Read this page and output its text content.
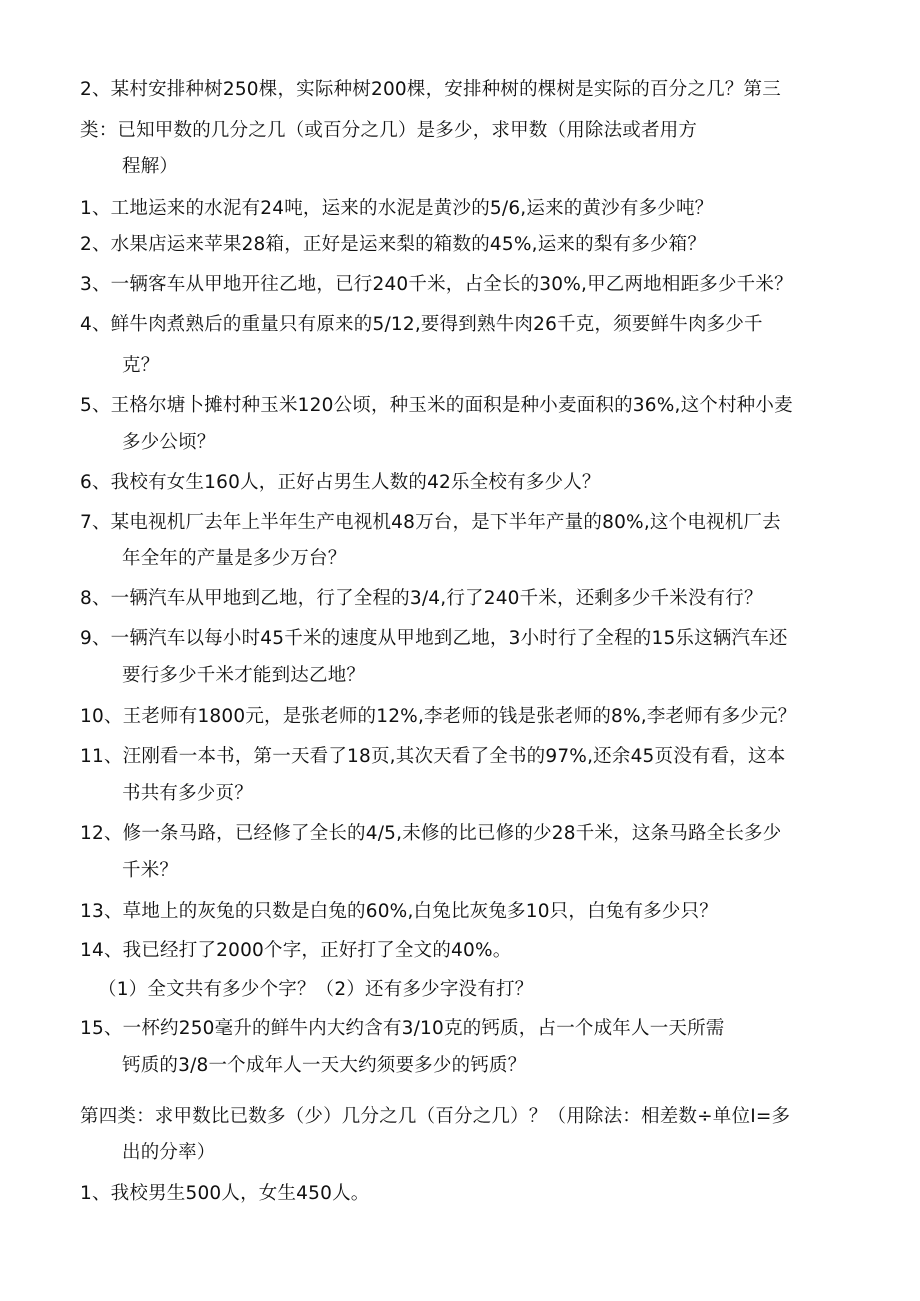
2、某村安排种树250棵，实际种树200棵，安排种树的棵树是实际的百分之几？第三
类：已知甲数的几分之几（或百分之几）是多少，求甲数（用除法或者用方
程解）
1、工地运来的水泥有24吨，运来的水泥是黄沙的5/6,运来的黄沙有多少吨？
2、水果店运来苹果28箱，正好是运来梨的箱数的45%,运来的梨有多少箱？
3、一辆客车从甲地开往乙地，已行240千米，占全长的30%,甲乙两地相距多少千米？
4、鲜牛肉煮熟后的重量只有原来的5/12,要得到熟牛肉26千克，须要鲜牛肉多少千
克？
5、王格尔塘卜摊村种玉米120公顷，种玉米的面积是种小麦面积的36%,这个村种小麦
多少公顷？
6、我校有女生160人，正好占男生人数的42乐全校有多少人？
7、某电视机厂去年上半年生产电视机48万台，是下半年产量的80%,这个电视机厂去
年全年的产量是多少万台？
8、一辆汽车从甲地到乙地，行了全程的3/4,行了240千米，还剩多少千米没有行？
9、一辆汽车以每小时45千米的速度从甲地到乙地，3小时行了全程的15乐这辆汽车还
要行多少千米才能到达乙地？
10、王老师有1800元，是张老师的12%,李老师的钱是张老师的8%,李老师有多少元？
11、汪刚看一本书，第一天看了18页,其次天看了全书的97%,还余45页没有看，这本
书共有多少页？
12、修一条马路，已经修了全长的4/5,未修的比已修的少28千米，这条马路全长多少
千米？
13、草地上的灰兔的只数是白兔的60%,白兔比灰兔多10只，白兔有多少只？
14、我已经打了2000个字，正好打了全文的40%。
（1）全文共有多少个字？（2）还有多少字没有打？
15、一杯约250毫升的鲜牛内大约含有3/10克的钙质，占一个成年人一天所需
钙质的3/8一个成年人一天大约须要多少的钙质？
第四类：求甲数比已数多（少）几分之几（百分之几）？（用除法：相差数÷单位I=多
出的分率）
1、我校男生500人，女生450人。
